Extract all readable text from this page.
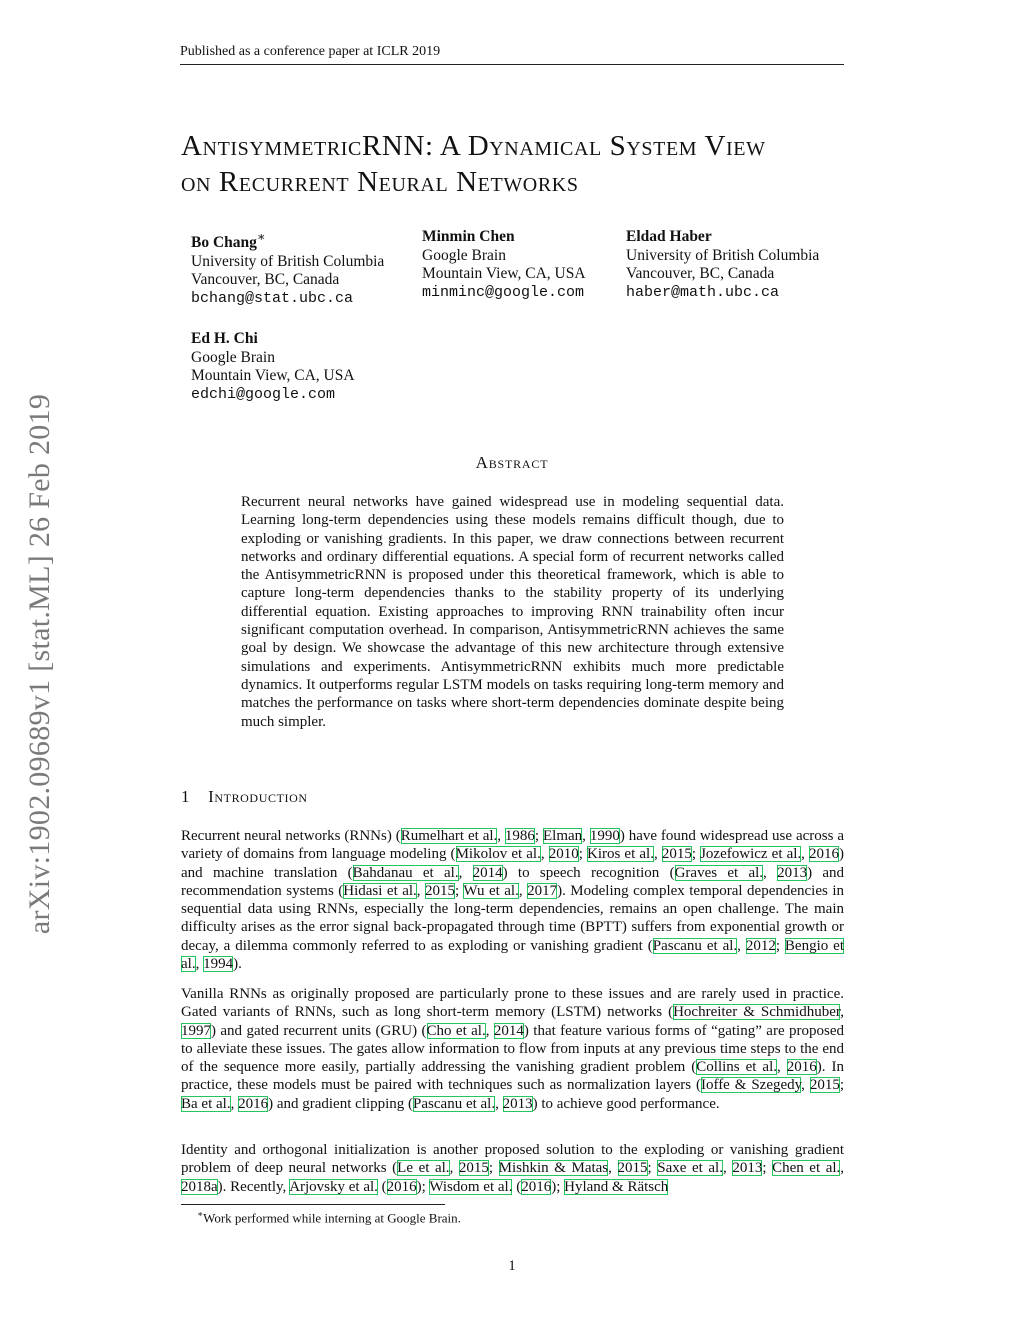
Published as a conference paper at ICLR 2019
arXiv:1902.09689v1 [stat.ML] 26 Feb 2019
AntisymmetricRNN: A Dynamical System View
on Recurrent Neural Networks
Bo Chang∗
University of British Columbia
Vancouver, BC, Canada
bchang@stat.ubc.ca
Minmin Chen
Google Brain
Mountain View, CA, USA
minminc@google.com
Eldad Haber
University of British Columbia
Vancouver, BC, Canada
haber@math.ubc.ca
Ed H. Chi
Google Brain
Mountain View, CA, USA
edchi@google.com
Abstract

Recurrent neural networks have gained widespread use in modeling sequential data. Learning long-term dependencies using these models remains difficult though, due to exploding or vanishing gradients. In this paper, we draw connections between recurrent networks and ordinary differential equations. A special form of recurrent networks called the AntisymmetricRNN is proposed under this theoretical framework, which is able to capture long-term dependencies thanks to the stability property of its underlying differential equation. Existing approaches to improving RNN trainability often incur significant computation overhead. In comparison, AntisymmetricRNN achieves the same goal by design. We showcase the advantage of this new architecture through extensive simulations and experiments. AntisymmetricRNN exhibits much more predictable dynamics. It outperforms regular LSTM models on tasks requiring long-term memory and matches the performance on tasks where short-term dependencies dominate despite being much simpler.

1 Introduction

Recurrent neural networks (RNNs) (Rumelhart et al., 1986; Elman, 1990) have found widespread use across a variety of domains from language modeling (Mikolov et al., 2010; Kiros et al., 2015; Jozefowicz et al., 2016) and machine translation (Bahdanau et al., 2014) to speech recognition (Graves et al., 2013) and recommendation systems (Hidasi et al., 2015; Wu et al., 2017). Modeling complex temporal dependencies in sequential data using RNNs, especially the long-term dependencies, remains an open challenge. The main difficulty arises as the error signal back-propagated through time (BPTT) suffers from exponential growth or decay, a dilemma commonly referred to as exploding or vanishing gradient (Pascanu et al., 2012; Bengio et al., 1994).

Vanilla RNNs as originally proposed are particularly prone to these issues and are rarely used in practice. Gated variants of RNNs, such as long short-term memory (LSTM) networks (Hochreiter & Schmidhuber, 1997) and gated recurrent units (GRU) (Cho et al., 2014) that feature various forms of “gating” are proposed to alleviate these issues. The gates allow information to flow from inputs at any previous time steps to the end of the sequence more easily, partially addressing the vanishing gradient problem (Collins et al., 2016). In practice, these models must be paired with techniques such as normalization layers (Ioffe & Szegedy, 2015; Ba et al., 2016) and gradient clipping (Pascanu et al., 2013) to achieve good performance.

Identity and orthogonal initialization is another proposed solution to the exploding or vanishing gradient problem of deep neural networks (Le et al., 2015; Mishkin & Matas, 2015; Saxe et al., 2013; Chen et al., 2018a). Recently, Arjovsky et al. (2016); Wisdom et al. (2016); Hyland & Rätsch

∗Work performed while interning at Google Brain.
1
